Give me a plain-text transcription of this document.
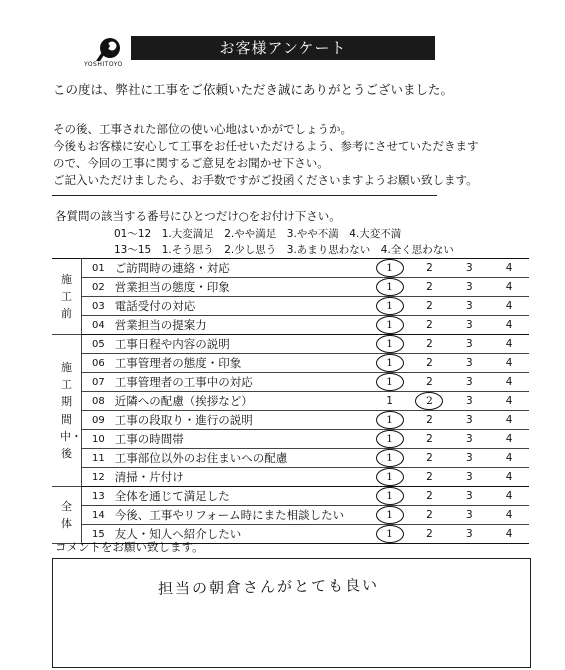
YOSHITOYO
お客様アンケート
この度は、弊社に工事をご依頼いただき誠にありがとうございました。
その後、工事された部位の使い心地はいかがでしょうか。
今後もお客様に安心して工事をお任せいただけるよう、参考にさせていただきます
ので、今回の工事に関するご意見をお聞かせ下さい。
ご記入いただけましたら、お手数ですがご投函くださいますようお願い致します。
各質問の該当する番号にひとつだけ○をお付け下さい。
01～12　1.大変満足　2.やや満足　3.やや不満　4.大変不満
13～15　1.そう思う　2.少し思う　3.あまり思わない　4.全く思わない
施工前	01	ご訪問時の連絡・対応	1	2	3	4
	02	営業担当の態度・印象	1	2	3	4
	03	電話受付の対応	1	2	3	4
	04	営業担当の提案力	1	2	3	4
施工期間中・後	05	工事日程や内容の説明	1	2	3	4
	06	工事管理者の態度・印象	1	2	3	4
	07	工事管理者の工事中の対応	1	2	3	4
	08	近隣への配慮（挨拶など）	1	2	3	4
	09	工事の段取り・進行の説明	1	2	3	4
	10	工事の時間帯	1	2	3	4
	11	工事部位以外のお住まいへの配慮	1	2	3	4
	12	清掃・片付け	1	2	3	4
全体	13	全体を通じて満足した	1	2	3	4
	14	今後、工事やリフォーム時にまた相談したい	1	2	3	4
	15	友人・知人へ紹介したい	1	2	3	4
コメントをお願い致します。
担当の朝倉さんがとても良い
